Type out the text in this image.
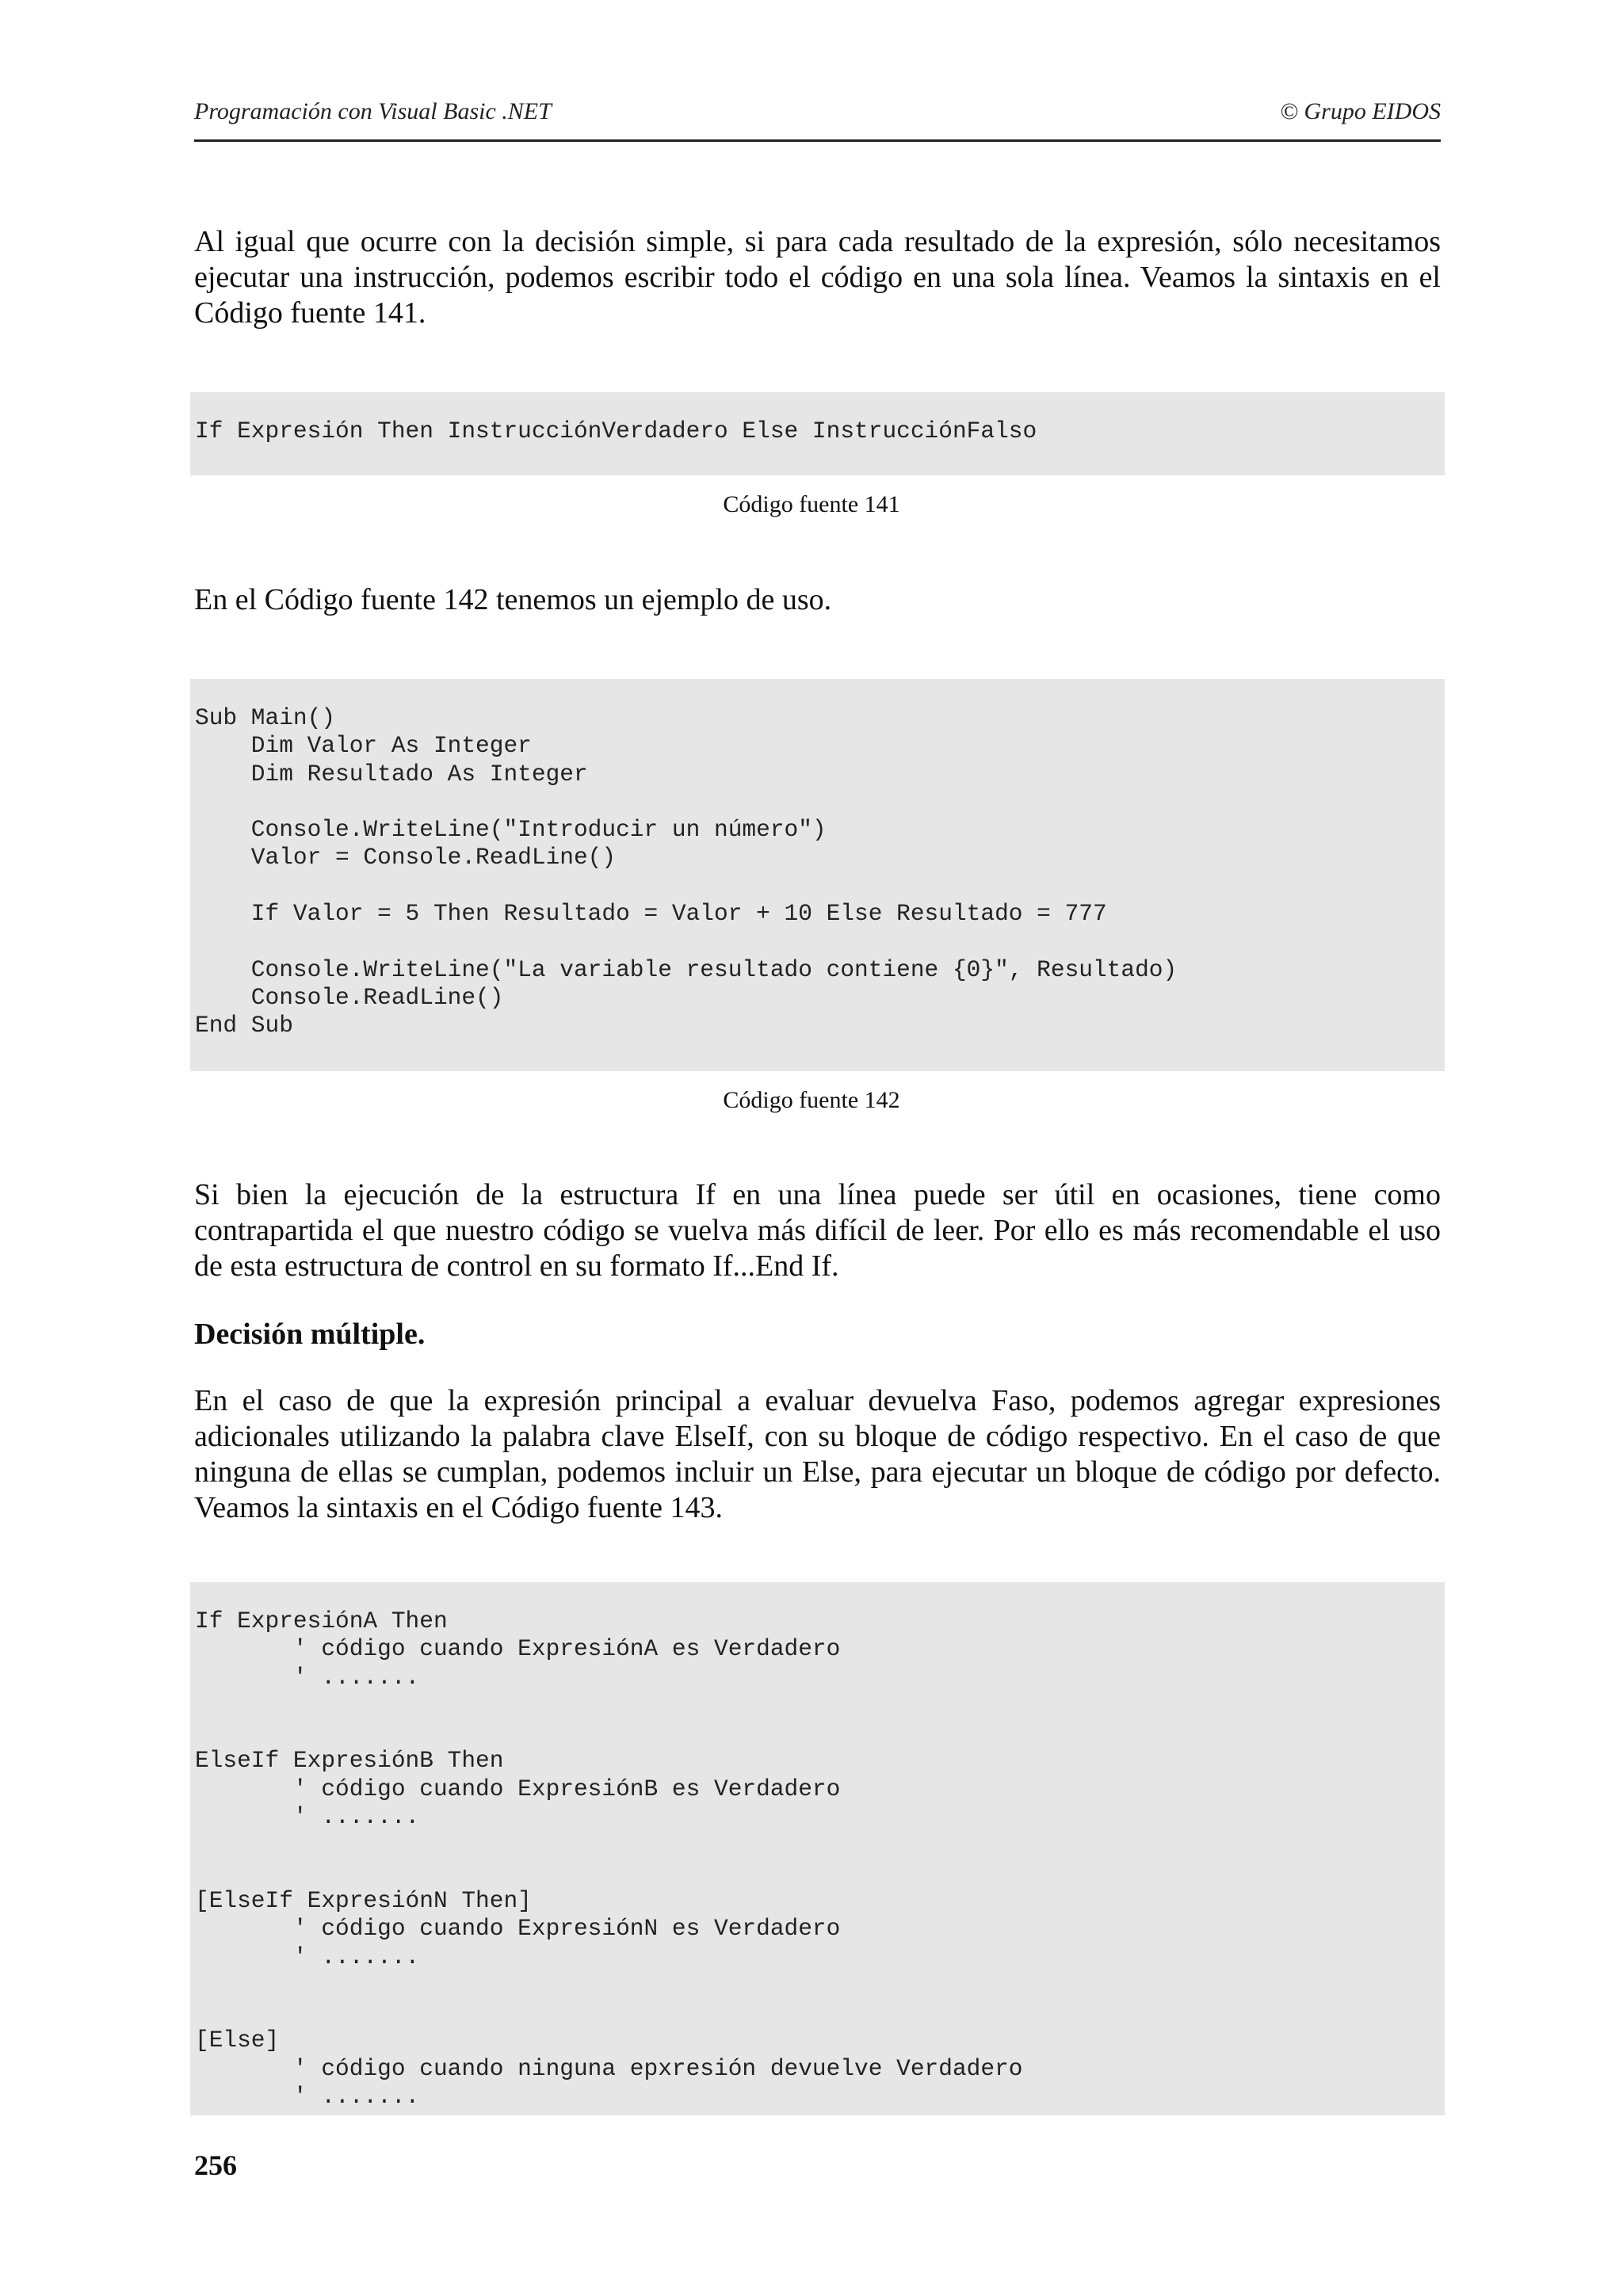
Programación con Visual Basic .NET	© Grupo EIDOS

Al igual que ocurre con la decisión simple, si para cada resultado de la expresión, sólo necesitamos ejecutar una instrucción, podemos escribir todo el código en una sola línea. Veamos la sintaxis en el Código fuente 141.

If Expresión Then InstrucciónVerdadero Else InstrucciónFalso

Código fuente 141

En el Código fuente 142 tenemos un ejemplo de uso.

Sub Main()
Dim Valor As Integer
Dim Resultado As Integer
Console.WriteLine("Introducir un número")
Valor = Console.ReadLine()
If Valor = 5 Then Resultado = Valor + 10 Else Resultado = 777
Console.WriteLine("La variable resultado contiene {0}", Resultado)
Console.ReadLine()
End Sub

Código fuente 142

Si bien la ejecución de la estructura If en una línea puede ser útil en ocasiones, tiene como contrapartida el que nuestro código se vuelva más difícil de leer. Por ello es más recomendable el uso de esta estructura de control en su formato If...End If.

Decisión múltiple.

En el caso de que la expresión principal a evaluar devuelva Faso, podemos agregar expresiones adicionales utilizando la palabra clave ElseIf, con su bloque de código respectivo. En el caso de que ninguna de ellas se cumplan, podemos incluir un Else, para ejecutar un bloque de código por defecto. Veamos la sintaxis en el Código fuente 143.

If ExpresiónA Then
' código cuando ExpresiónA es Verdadero
' .......
ElseIf ExpresiónB Then
' código cuando ExpresiónB es Verdadero
' .......
[ElseIf ExpresiónN Then]
' código cuando ExpresiónN es Verdadero
' .......
[Else]
' código cuando ninguna epxresión devuelve Verdadero
' .......

256
